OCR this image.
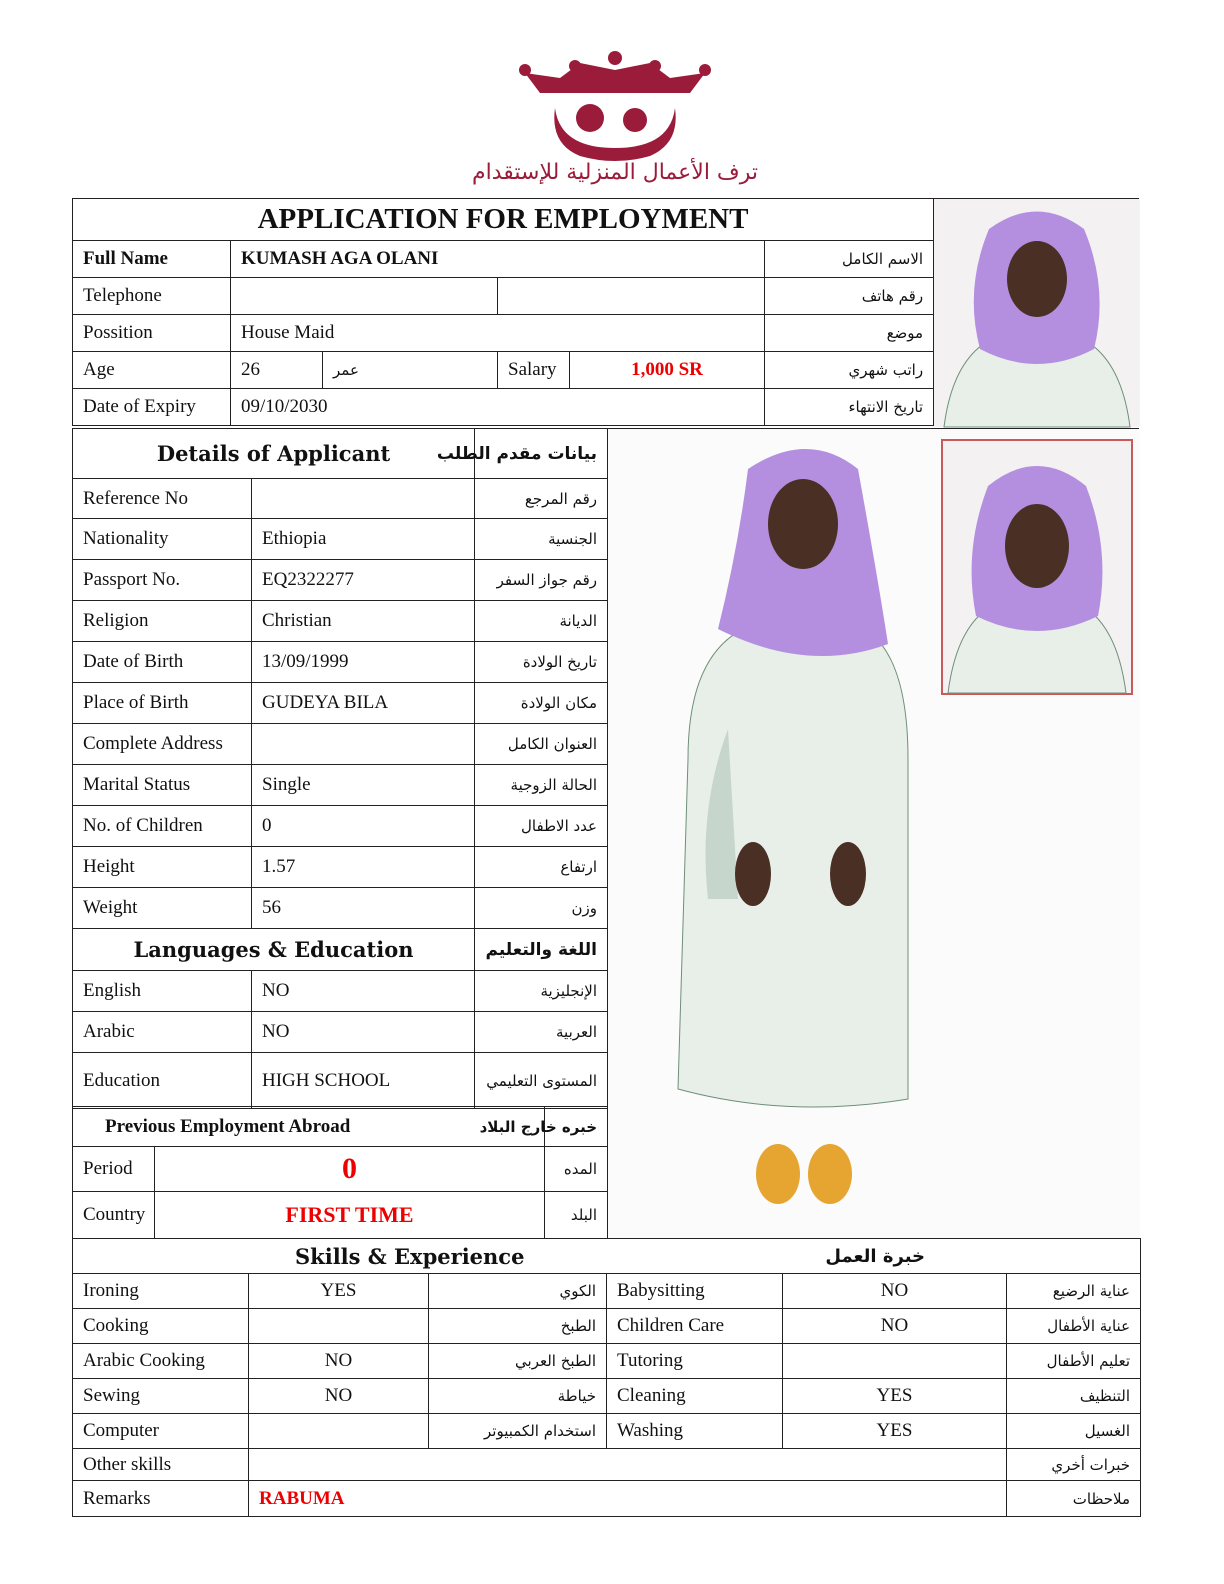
TARAF
ترف الأعمال المنزلية للإستقدام
APPLICATION FOR EMPLOYMENT					
Full Name	KUMASH AGA OLANI				الاسم الكامل
Telephone					رقم هاتف
Possition	House Maid				موضع
Age	26	عمر	Salary	1,000 SR	راتب شهري
Date of Expiry	09/10/2030				تاريخ الانتهاء
Details of Applicant		بيانات مقدم الطلب
Reference No		رقم المرجع
Nationality	Ethiopia	الجنسية
Passport No.	EQ2322277	رقم جواز السفر
Religion	Christian	الديانة
Date of Birth	13/09/1999	تاريخ الولادة
Place of Birth	GUDEYA BILA	مكان الولادة
Complete Address		العنوان الكامل
Marital Status	Single	الحالة الزوجية
No. of Children	0	عدد الاطفال
Height	1.57	ارتفاع
Weight	56	وزن
Languages & Education		اللغة والتعليم
English	NO	الإنجليزية
Arabic	NO	العربية
Education	HIGH SCHOOL	المستوى التعليمي
Previous Employment Abroad		خبره خارج البلاد
Period	0	المده
Country	FIRST TIME	البلد
Skills & Experience			خبرة العمل		
Ironing	YES	الكوي	Babysitting	NO	عناية الرضيع
Cooking		الطبخ	Children Care	NO	عناية الأطفال
Arabic Cooking	NO	الطبخ العربي	Tutoring		تعليم الأطفال
Sewing	NO	خياطة	Cleaning	YES	التنظيف
Computer		استخدام الكمبيوتر	Washing	YES	الغسيل
Other skills					خبرات أخري
Remarks	RABUMA				ملاحظات
